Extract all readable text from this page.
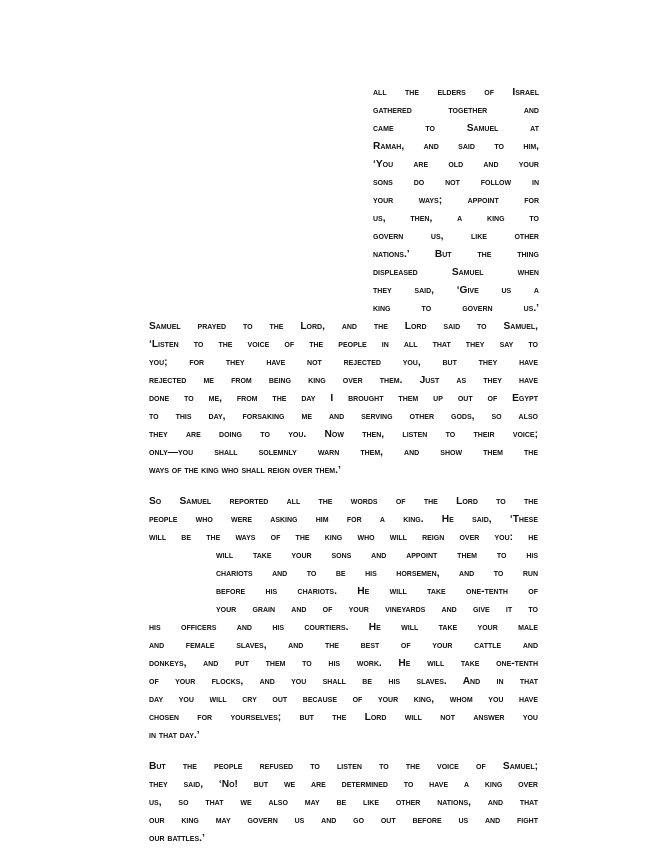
all the elders of Israel

gathered together and

came to Samuel at

Ramah, and said to him,

‘You are old and your

sons do not follow in

your ways; appoint for

us, then, a king to

govern us, like other

nations.’ But the thing

displeased Samuel when

they said, ‘Give us a

king to govern us.’

Samuel prayed to the Lord, and the Lord said to Samuel,

‘Listen to the voice of the people in all that they say to

you; for they have not rejected you, but they have

rejected me from being king over them. Just as they have

done to me, from the day I brought them up out of Egypt

to this day, forsaking me and serving other gods, so also

they are doing to you. Now then, listen to their voice;

only—you shall solemnly warn them, and show them the

ways of the king who shall reign over them.’

So Samuel reported all the words of the Lord to the

people who were asking him for a king. He said, ‘These

will be the ways of the king who will reign over you: he

will take your sons and appoint them to his

chariots and to be his horsemen, and to run

before his chariots. He will take one-tenth of

your grain and of your vineyards and give it to

his officers and his courtiers. He will take your male

and female slaves, and the best of your cattle and

donkeys, and put them to his work. He will take one-tenth

of your flocks, and you shall be his slaves. And in that

day you will cry out because of your king, whom you have

chosen for yourselves; but the Lord will not answer you

in that day.’

But the people refused to listen to the voice of Samuel;

they said, ‘No! but we are determined to have a king over

us, so that we also may be like other nations, and that

our king may govern us and go out before us and fight

our battles.’
